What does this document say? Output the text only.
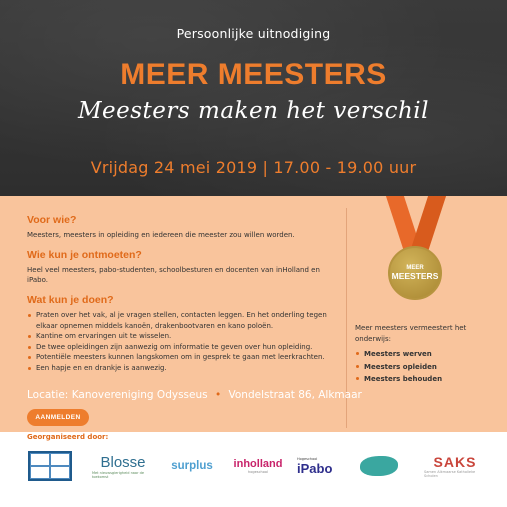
Persoonlijke uitnodiging
MEER MEESTERS
Meesters maken het verschil
Vrijdag 24 mei 2019 | 17.00 - 19.00 uur
Voor wie?
Meesters, meesters in opleiding en iedereen die meester zou willen worden.
Wie kun je ontmoeten?
Heel veel meesters, pabo-studenten, schoolbesturen en docenten van inHolland en iPabo.
Wat kun je doen?
Praten over het vak, al je vragen stellen, contacten leggen. En het onderling tegen elkaar opnemen middels kanoën, drakenbootvaren en kano poloën.
Kantine om ervaringen uit te wisselen.
De twee opleidingen zijn aanwezig om informatie te geven over hun opleiding.
Potentiële meesters kunnen langskomen om in gesprek te gaan met leerkrachten.
Een hapje en en drankje is aanwezig.
Locatie: Kanovereniging Odysseus • Vondelstraat 86, Alkmaar
AANMELDEN
MEER
MEESTERS
Meer meesters vermeestert het onderwijs:
Meesters werven
Meesters opleiden
Meesters behouden
Georganiseerd door:
Blosse
Met nieuwsgierigheid naar de toekomst
surplus	inholland
hogeschool
Hogeschool
iPabo	SAKS
Samen Alkmaarse Katholieke Scholen
